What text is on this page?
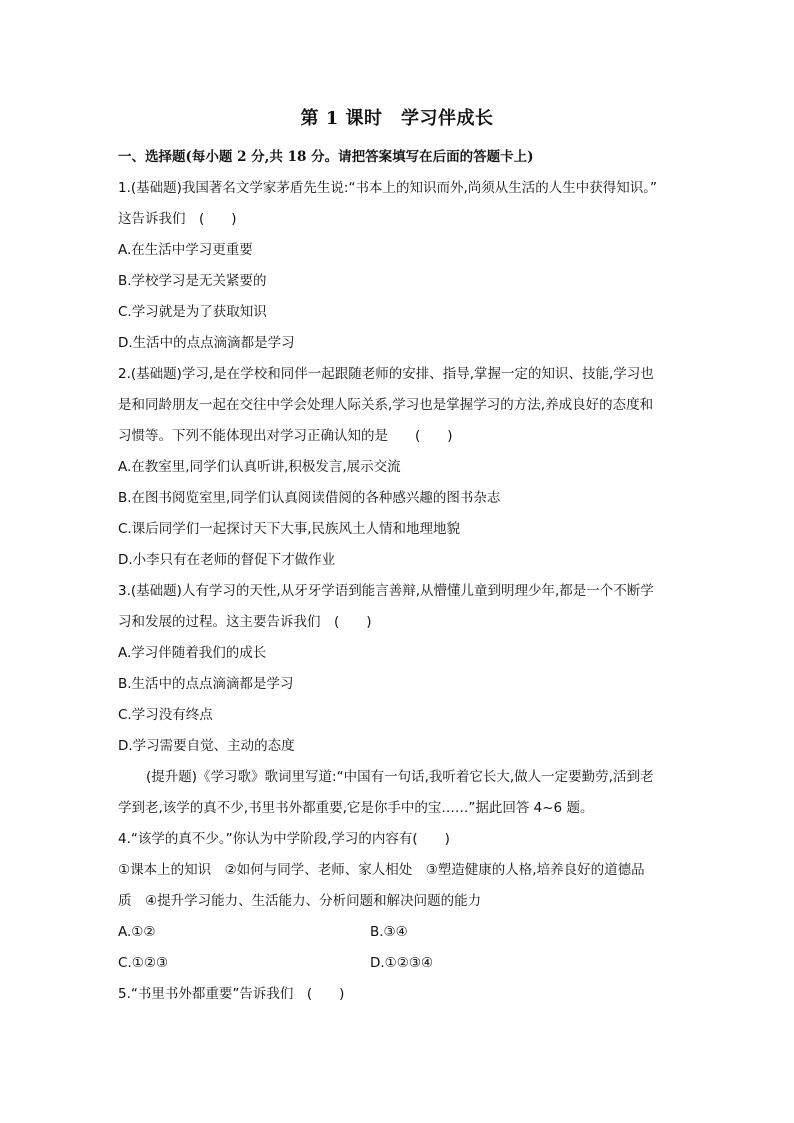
第 1 课时　学习伴成长
一、选择题(每小题 2 分,共 18 分。请把答案填写在后面的答题卡上)
1.(基础题)我国著名文学家茅盾先生说:“书本上的知识而外,尚须从生活的人生中获得知识。”
这告诉我们　(　　)
A.在生活中学习更重要
B.学校学习是无关紧要的
C.学习就是为了获取知识
D.生活中的点点滴滴都是学习
2.(基础题)学习,是在学校和同伴一起跟随老师的安排、指导,掌握一定的知识、技能,学习也
是和同龄朋友一起在交往中学会处理人际关系,学习也是掌握学习的方法,养成良好的态度和
习惯等。下列不能体现出对学习正确认知的是　　(　　)
A.在教室里,同学们认真听讲,积极发言,展示交流
B.在图书阅览室里,同学们认真阅读借阅的各种感兴趣的图书杂志
C.课后同学们一起探讨天下大事,民族风土人情和地理地貌
D.小李只有在老师的督促下才做作业
3.(基础题)人有学习的天性,从牙牙学语到能言善辩,从懵懂儿童到明理少年,都是一个不断学
习和发展的过程。这主要告诉我们　(　　)
A.学习伴随着我们的成长
B.生活中的点点滴滴都是学习
C.学习没有终点
D.学习需要自觉、主动的态度
(提升题)《学习歌》歌词里写道:“中国有一句话,我听着它长大,做人一定要勤劳,活到老
学到老,该学的真不少,书里书外都重要,它是你手中的宝……”据此回答 4~6 题。
4.“该学的真不少。”你认为中学阶段,学习的内容有(　　)
①课本上的知识　②如何与同学、老师、家人相处　③塑造健康的人格,培养良好的道德品
质　④提升学习能力、生活能力、分析问题和解决问题的能力
A.①②	B.③④
C.①②③	D.①②③④
5.“书里书外都重要”告诉我们　(　　)
